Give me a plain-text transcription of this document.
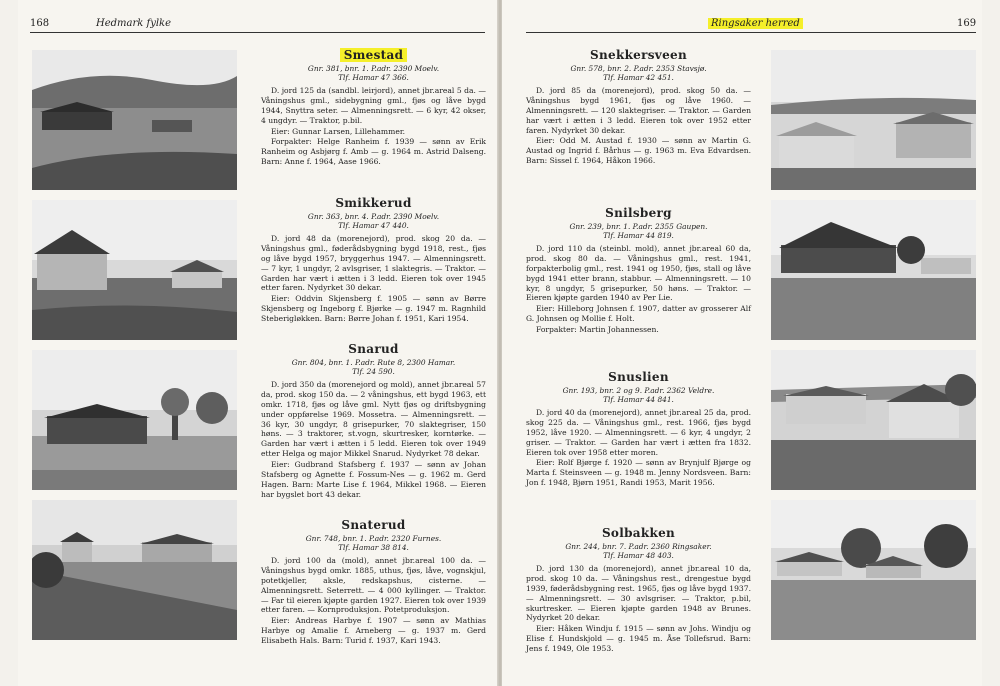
168	Hedmark fylke
Smestad
Gnr. 381, bnr. 1. P.adr. 2390 Moelv.
Tlf. Hamar 47 366.

D. jord 125 da (sandbl. leirjord), annet jbr.areal 5 da. — Våningshus gml., sidebygning gml., fjøs og låve bygd 1944, Snyttra seter. — Almenningsrett. — 6 kyr, 42 okser, 4 ungdyr. — Traktor, p.bil.

Eier: Gunnar Larsen, Lillehammer.

Forpakter: Helge Ranheim f. 1939 — sønn av Erik Ranheim og Asbjørg f. Amb — g. 1964 m. Astrid Dalseng. Barn: Anne f. 1964, Aase 1966.

Smikkerud
Gnr. 363, bnr. 4. P.adr. 2390 Moelv.
Tlf. Hamar 47 440.

D. jord 48 da (morenejord), prod. skog 20 da. — Våningshus gml., føderådsbygning bygd 1918, rest., fjøs og låve bygd 1957, bryggerhus 1947. — Almenningsrett. — 7 kyr, 1 ungdyr, 2 avlsgriser, 1 slaktegris. — Traktor. — Garden har vært i ætten i 3 ledd. Eieren tok over 1945 etter faren. Nydyrket 30 dekar.

Eier: Oddvin Skjensberg f. 1905 — sønn av Børre Skjensberg og Ingeborg f. Bjørke — g. 1947 m. Ragnhild Steberigløkken. Barn: Børre Johan f. 1951, Kari 1954.

Snarud
Gnr. 804, bnr. 1. P.adr. Rute 8, 2300 Hamar.
Tlf. 24 590.

D. jord 350 da (morenejord og mold), annet jbr.areal 57 da, prod. skog 150 da. — 2 våningshus, ett bygd 1963, ett omkr. 1718, fjøs og låve gml. Nytt fjøs og driftsbygning under oppførelse 1969. Mossetra. — Almenningsrett. — 36 kyr, 30 ungdyr, 8 grisepurker, 70 slaktegriser, 150 høns. — 3 traktorer, st.vogn, skurtresker, korntørke. — Garden har vært i ætten i 5 ledd. Eieren tok over 1949 etter Helga og major Mikkel Snarud. Nydyrket 78 dekar.

Eier: Gudbrand Stafsberg f. 1937 — sønn av Johan Stafsberg og Agnette f. Fossum-Nes — g. 1962 m. Gerd Hagen. Barn: Marte Lise f. 1964, Mikkel 1968. — Eieren har bygslet bort 43 dekar.

Snaterud
Gnr. 748, bnr. 1. P.adr. 2320 Furnes.
Tlf. Hamar 38 814.

D. jord 100 da (mold), annet jbr.areal 100 da. — Våningshus bygd omkr. 1885, uthus, fjøs, låve, vognskjul, potetkjeller, aksle, redskapshus, cisterne. — Almenningsrett. Seterrett. — 4 000 kyllinger. — Traktor. — Far til eieren kjøpte garden 1927. Eieren tok over 1939 etter faren. — Kornproduksjon. Potetproduksjon.

Eier: Andreas Harbye f. 1907 — sønn av Mathias Harbye og Amalie f. Arneberg — g. 1937 m. Gerd Elisabeth Hals. Barn: Turid f. 1937, Kari 1943.

Ringsaker herred	169
Snekkersveen
Gnr. 578, bnr. 2. P.adr. 2353 Stavsjø.
Tlf. Hamar 42 451.

D. jord 85 da (morenejord), prod. skog 50 da. — Våningshus bygd 1961, fjøs og låve 1960. — Almenningsrett. — 120 slaktegriser. — Traktor. — Garden har vært i ætten i 3 ledd. Eieren tok over 1952 etter faren. Nydyrket 30 dekar.

Eier: Odd M. Austad f. 1930 — sønn av Martin G. Austad og Ingrid f. Bårhus — g. 1963 m. Eva Edvardsen. Barn: Sissel f. 1964, Håkon 1966.

Snilsberg
Gnr. 239, bnr. 1. P.adr. 2355 Gaupen.
Tlf. Hamar 44 819.

D. jord 110 da (steinbl. mold), annet jbr.areal 60 da, prod. skog 80 da. — Våningshus gml., rest. 1941, forpakterbolig gml., rest. 1941 og 1950, fjøs, stall og låve bygd 1941 etter brann, stabbur. — Almenningsrett. — 10 kyr, 8 ungdyr, 5 grisepurker, 50 høns. — Traktor. — Eieren kjøpte garden 1940 av Per Lie.

Eier: Hilleborg Johnsen f. 1907, datter av grosserer Alf G. Johnsen og Mollie f. Holt.

Forpakter: Martin Johannessen.

Snuslien
Gnr. 193, bnr. 2 og 9. P.adr. 2362 Veldre.
Tlf. Hamar 44 841.

D. jord 40 da (morenejord), annet jbr.areal 25 da, prod. skog 225 da. — Våningshus gml., rest. 1966, fjøs bygd 1952, låve 1920. — Almenningsrett. — 6 kyr, 4 ungdyr, 2 griser. — Traktor. — Garden har vært i ætten fra 1832. Eieren tok over 1958 etter moren.

Eier: Rolf Bjørge f. 1920 — sønn av Brynjulf Bjørge og Marta f. Steinsveen — g. 1948 m. Jenny Nordsveen. Barn: Jon f. 1948, Bjørn 1951, Randi 1953, Marit 1956.

Solbakken
Gnr. 244, bnr. 7. P.adr. 2360 Ringsaker.
Tlf. Hamar 48 403.

D. jord 130 da (morenejord), annet jbr.areal 10 da, prod. skog 10 da. — Våningshus rest., drengestue bygd 1939, føderådsbygning rest. 1965, fjøs og låve bygd 1937. — Almenningsrett. — 30 avlsgriser. — Traktor, p.bil, skurtresker. — Eieren kjøpte garden 1948 av Brunes. Nydyrket 20 dekar.

Eier: Håken Windju f. 1915 — sønn av Johs. Windju og Elise f. Hundskjold — g. 1945 m. Åse Tollefsrud. Barn: Jens f. 1949, Ole 1953.
